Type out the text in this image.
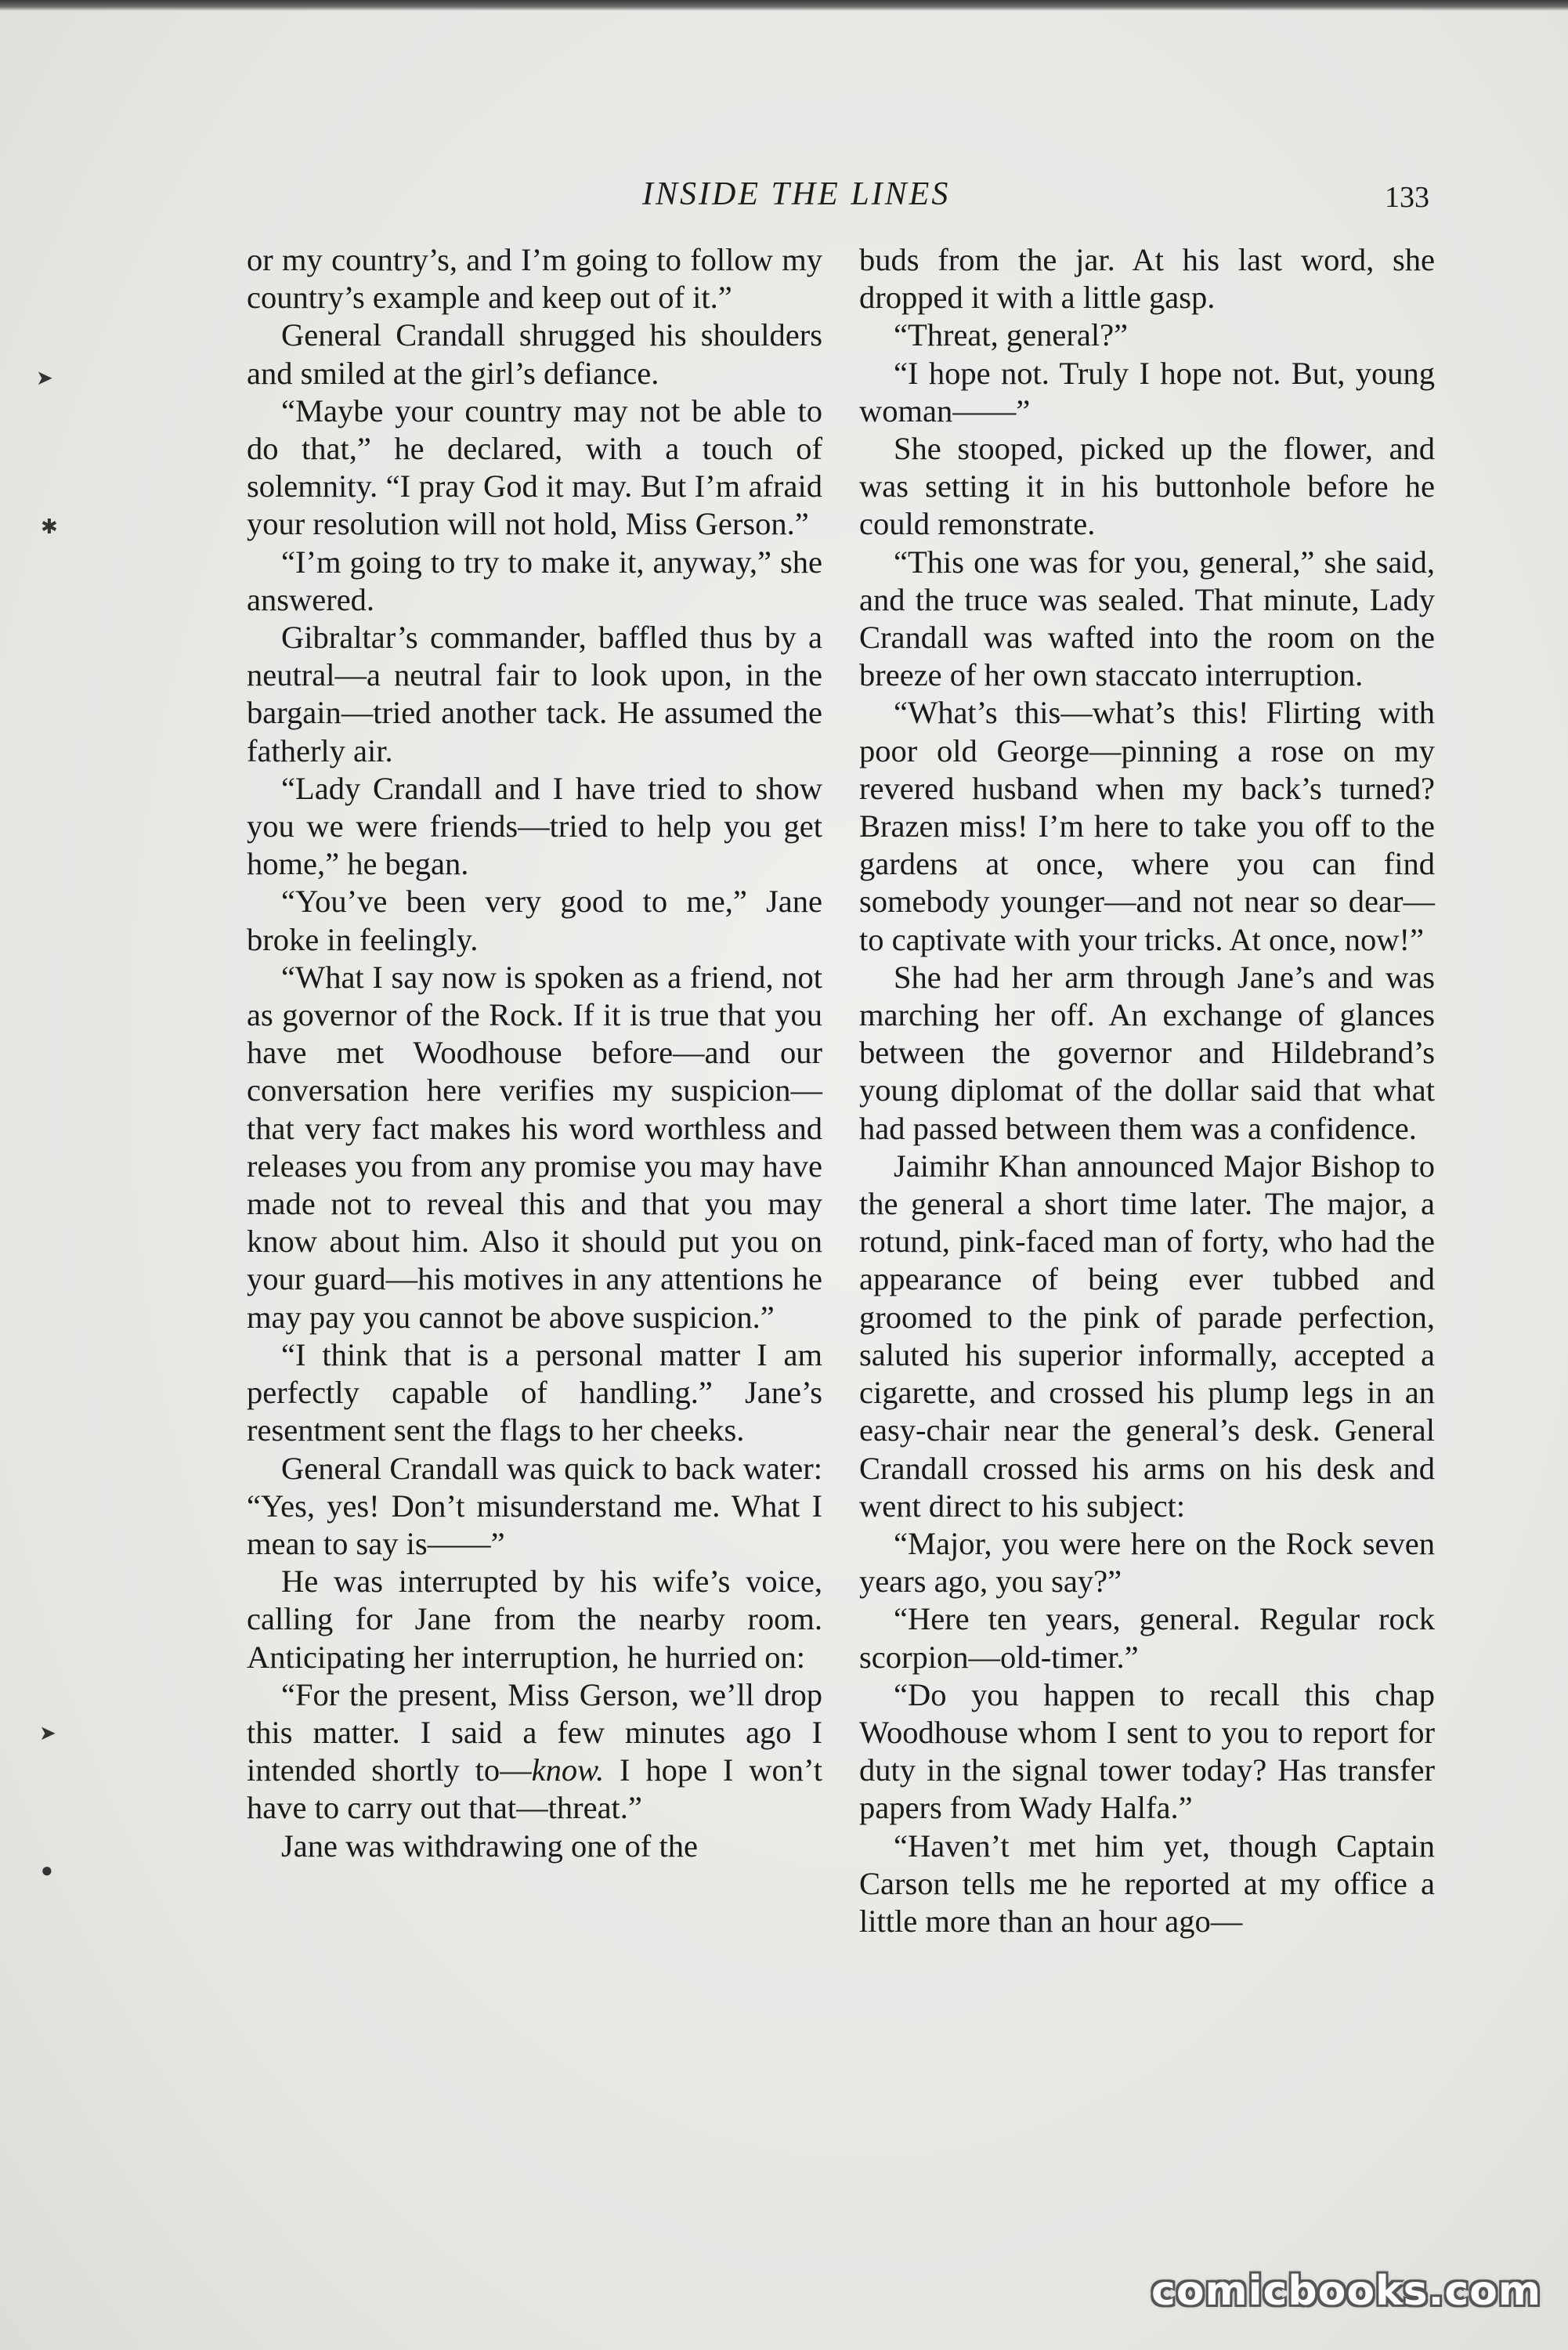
➤
✱
➤
●
INSIDE THE LINES	133

or my country’s, and I’m going to follow my country’s example and keep out of it.”

General Crandall shrugged his shoulders and smiled at the girl’s defiance.

“Maybe your country may not be able to do that,” he declared, with a touch of solemnity. “I pray God it may. But I’m afraid your resolution will not hold, Miss Gerson.”

“I’m going to try to make it, anyway,” she answered.

Gibraltar’s commander, baffled thus by a neutral—a neutral fair to look upon, in the bargain—tried another tack. He assumed the fatherly air.

“Lady Crandall and I have tried to show you we were friends—tried to help you get home,” he began.

“You’ve been very good to me,” Jane broke in feelingly.

“What I say now is spoken as a friend, not as governor of the Rock. If it is true that you have met Woodhouse before—and our conversation here verifies my suspicion—that very fact makes his word worthless and releases you from any promise you may have made not to reveal this and that you may know about him. Also it should put you on your guard—his motives in any attentions he may pay you cannot be above suspicion.”

“I think that is a personal matter I am perfectly capable of handling.” Jane’s resentment sent the flags to her cheeks.

General Crandall was quick to back water: “Yes, yes! Don’t misunderstand me. What I mean to say is——”

He was interrupted by his wife’s voice, calling for Jane from the nearby room. Anticipating her interruption, he hurried on:

“For the present, Miss Gerson, we’ll drop this matter. I said a few minutes ago I intended shortly to—know. I hope I won’t have to carry out that—threat.”

Jane was withdrawing one of the

buds from the jar. At his last word, she dropped it with a little gasp.

“Threat, general?”

“I hope not. Truly I hope not. But, young woman——”

She stooped, picked up the flower, and was setting it in his buttonhole before he could remonstrate.

“This one was for you, general,” she said, and the truce was sealed. That minute, Lady Crandall was wafted into the room on the breeze of her own staccato interruption.

“What’s this—what’s this! Flirting with poor old George—pinning a rose on my revered husband when my back’s turned? Brazen miss! I’m here to take you off to the gardens at once, where you can find somebody younger—and not near so dear—to captivate with your tricks. At once, now!”

She had her arm through Jane’s and was marching her off. An exchange of glances between the governor and Hildebrand’s young diplomat of the dollar said that what had passed between them was a confidence.

Jaimihr Khan announced Major Bishop to the general a short time later. The major, a rotund, pink-faced man of forty, who had the appearance of being ever tubbed and groomed to the pink of parade perfection, saluted his superior informally, accepted a cigarette, and crossed his plump legs in an easy-chair near the general’s desk. General Crandall crossed his arms on his desk and went direct to his subject:

“Major, you were here on the Rock seven years ago, you say?”

“Here ten years, general. Regular rock scorpion—old-timer.”

“Do you happen to recall this chap Woodhouse whom I sent to you to report for duty in the signal tower today? Has transfer papers from Wady Halfa.”

“Haven’t met him yet, though Captain Carson tells me he reported at my office a little more than an hour ago—

comicbooks.com
